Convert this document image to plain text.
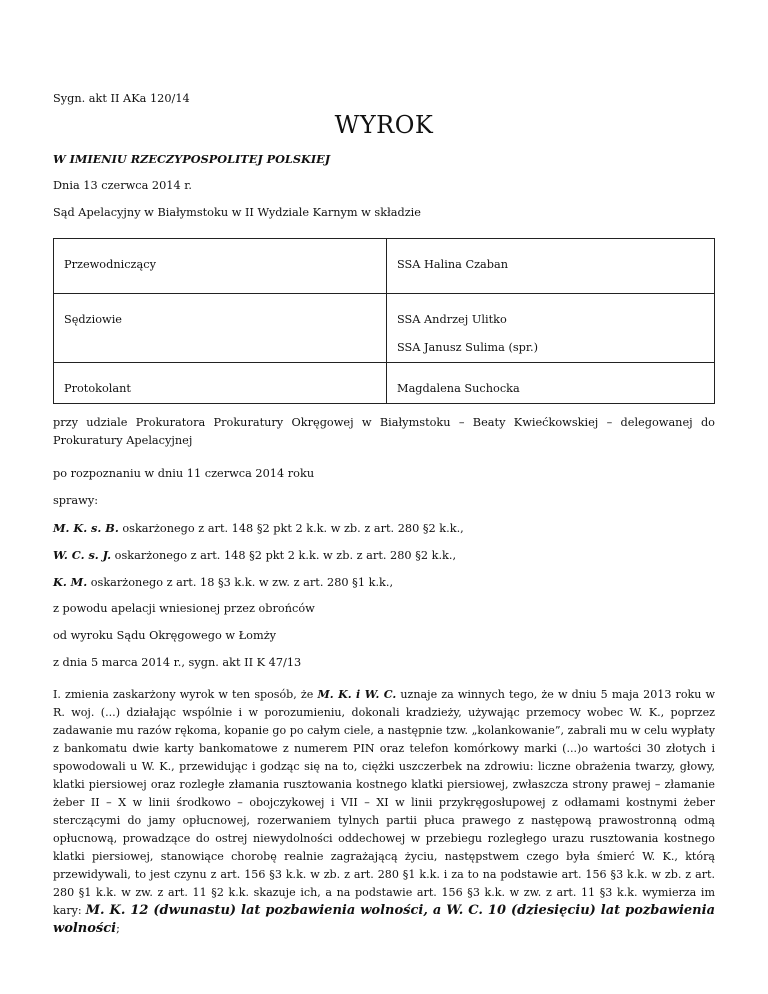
Sygn. akt II AKa 120/14

WYROK

W IMIENIU RZECZYPOSPOLITEJ POLSKIEJ

Dnia 13 czerwca 2014 r.

Sąd Apelacyjny w Białymstoku w II Wydziale Karnym w składzie

Przewodniczący	SSA Halina Czaban

Sędziowie	SSA Andrzej Ulitko
SSA Janusz Sulima (spr.)

Protokolant	Magdalena Suchocka

przy udziale Prokuratora Prokuratury Okręgowej w Białymstoku – Beaty Kwiećkowskiej – delegowanej do Prokuratury Apelacyjnej

po rozpoznaniu w dniu 11 czerwca 2014 roku

sprawy:

M. K. s. B. oskarżonego z art. 148 §2 pkt 2 k.k. w zb. z art. 280 §2 k.k.,

W. C. s. J. oskarżonego z art. 148 §2 pkt 2 k.k. w zb. z art. 280 §2 k.k.,

K. M. oskarżonego z art. 18 §3 k.k. w zw. z art. 280 §1 k.k.,

z powodu apelacji wniesionej przez obrońców

od wyroku Sądu Okręgowego w Łomży

z dnia 5 marca 2014 r., sygn. akt II K 47/13

I. zmienia zaskarżony wyrok w ten sposób, że M. K. i W. C. uznaje za winnych tego, że w dniu 5 maja 2013 roku w R. woj. (...) działając wspólnie i w porozumieniu, dokonali kradzieży, używając przemocy wobec W. K., poprzez zadawanie mu razów rękoma, kopanie go po całym ciele, a następnie tzw. „kolankowanie”, zabrali mu w celu wypłaty z bankomatu dwie karty bankomatowe z numerem PIN oraz telefon komórkowy marki (...)o wartości 30 złotych i spowodowali u W. K., przewidując i godząc się na to, ciężki uszczerbek na zdrowiu: liczne obrażenia twarzy, głowy, klatki piersiowej oraz rozległe złamania rusztowania kostnego klatki piersiowej, zwłaszcza strony prawej – złamanie żeber II – X w linii środkowo – obojczykowej i VII – XI w linii przykręgosłupowej z odłamami kostnymi żeber sterczącymi do jamy opłucnowej, rozerwaniem tylnych partii płuca prawego z następową prawostronną odmą opłucnową, prowadzące do ostrej niewydolności oddechowej w przebiegu rozległego urazu rusztowania kostnego klatki piersiowej, stanowiące chorobę realnie zagrażającą życiu, następstwem czego była śmierć W. K., którą przewidywali, to jest czynu z art. 156 §3 k.k. w zb. z art. 280 §1 k.k. i za to na podstawie art. 156 §3 k.k. w zb. z art. 280 §1 k.k. w zw. z art. 11 §2 k.k. skazuje ich, a na podstawie art. 156 §3 k.k. w zw. z art. 11 §3 k.k. wymierza im kary: M. K. 12 (dwunastu) lat pozbawienia wolności, a W. C. 10 (dziesięciu) lat pozbawienia wolności;
